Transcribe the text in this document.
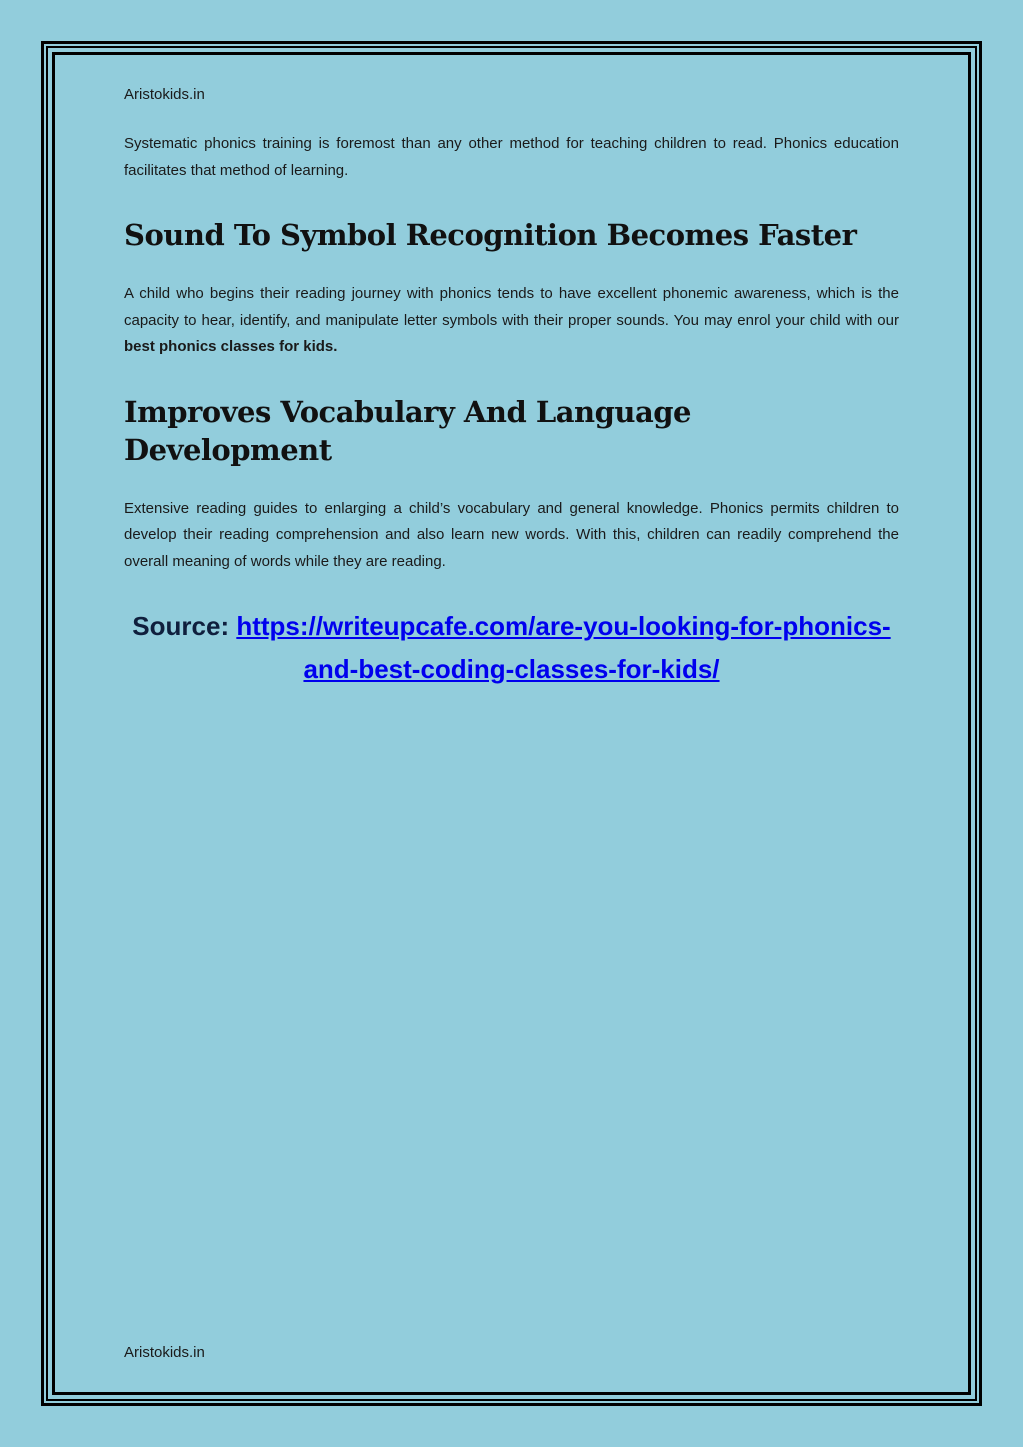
Aristokids.in

Systematic phonics training is foremost than any other method for teaching children to read. Phonics education facilitates that method of learning.

Sound To Symbol Recognition Becomes Faster

A child who begins their reading journey with phonics tends to have excellent phonemic awareness, which is the capacity to hear, identify, and manipulate letter symbols with their proper sounds. You may enrol your child with our best phonics classes for kids.

Improves Vocabulary And Language Development

Extensive reading guides to enlarging a child’s vocabulary and general knowledge. Phonics permits children to develop their reading comprehension and also learn new words. With this, children can readily comprehend the overall meaning of words while they are reading.

Source: https://writeupcafe.com/are-you-looking-for-phonics-and-best-coding-classes-for-kids/

Aristokids.in
